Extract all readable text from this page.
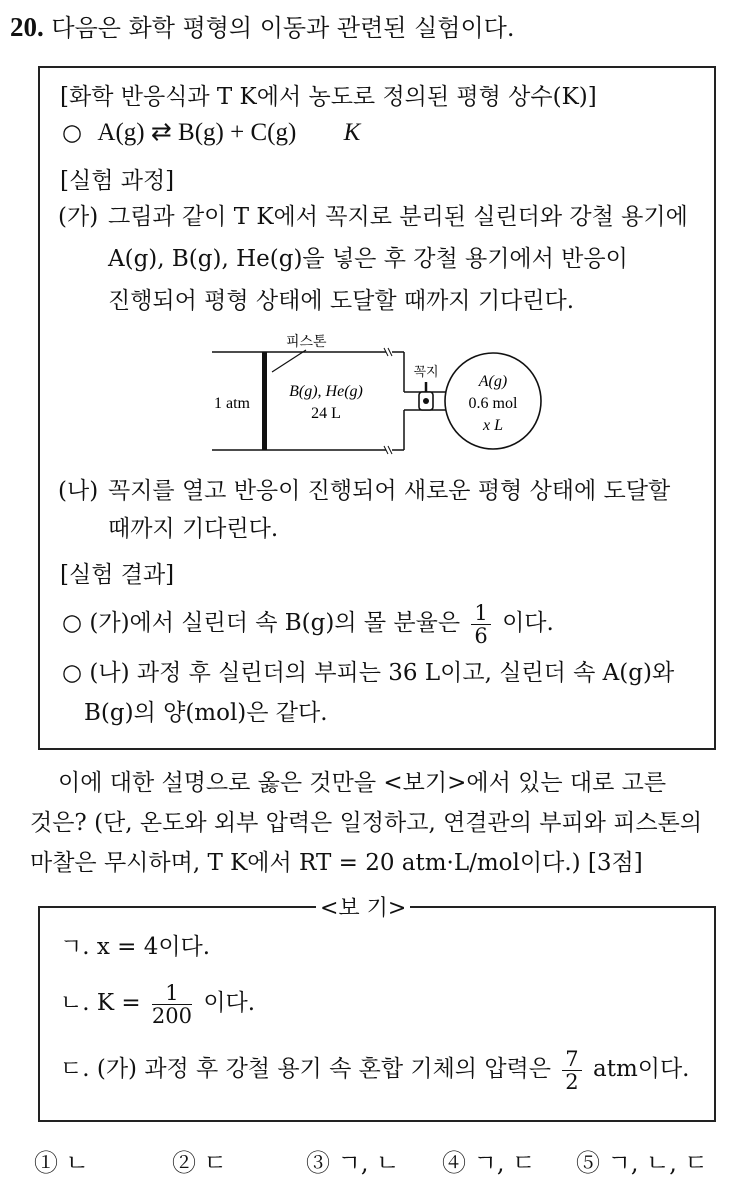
20. 다음은 화학 평형의 이동과 관련된 실험이다.
[화학 반응식과 T K에서 농도로 정의된 평형 상수(K)]
○ A(g) ⇄ B(g) + C(g) K
[실험 과정]
(가) 그림과 같이 T K에서 꼭지로 분리된 실린더와 강철 용기에
A(g), B(g), He(g)을 넣은 후 강철 용기에서 반응이
진행되어 평형 상태에 도달할 때까지 기다린다.
피스톤
1 atm
B(g), He(g)
24 L
꼭지
A(g)
0.6 mol
x L
(나) 꼭지를 열고 반응이 진행되어 새로운 평형 상태에 도달할
때까지 기다린다.
[실험 결과]
○ (가)에서 실린더 속 B(g)의 몰 분율은 $\frac{1}{6}$ 이다.
○ (나) 과정 후 실린더의 부피는 36 L이고, 실린더 속 A(g)와
B(g)의 양(mol)은 같다.
이에 대한 설명으로 옳은 것만을 <보기>에서 있는 대로 고른
것은? (단, 온도와 외부 압력은 일정하고, 연결관의 부피와 피스톤의
마찰은 무시하며, T K에서 RT = 20 atm·L/mol이다.) [3점]
ㄱ. x = 4이다.
ㄴ. $K = \frac{1}{200}$ 이다.
ㄷ. (가) 과정 후 강철 용기 속 혼합 기체의 압력은 $\frac{7}{2}$ atm이다.
<보 기>
① ㄴ	② ㄷ	③ ㄱ, ㄴ ④ ㄱ, ㄷ ⑤ ㄱ, ㄴ, ㄷ
